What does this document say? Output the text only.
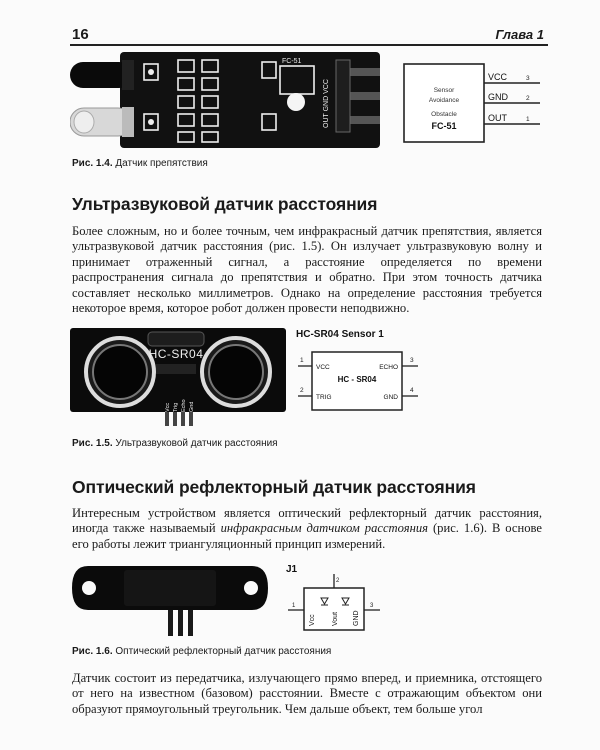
16	Глава 1
FC-51
OUT GND VCC	Sensor
Avoidance
Obstacle
FC-51
VCC
GND
OUT
3
2
1
Рис. 1.4. Датчик препятствия
Ультразвуковой датчик расстояния
Более сложным, но и более точным, чем инфракрасный датчик препятствия, является ультразвуковой датчик расстояния (рис. 1.5). Он излучает ультразвуковую волну и принимает отраженный сигнал, а расстояние определяется по времени распространения сигнала до препятствия и обратно. При этом точность датчика составляет несколько миллиметров. Однако на определение расстояния требуется некоторое время, которое робот должен провести неподвижно.
HC-SR04
Vcc Trig Echo Gnd
HC-SR04 Sensor 1
1
2
3
4
VCC
TRIG
ECHO
GND
HC - SR04
Рис. 1.5. Ультразвуковой датчик расстояния
Оптический рефлекторный датчик расстояния
Интересным устройством является оптический рефлекторный датчик расстояния, иногда также называемый инфракрасным датчиком расстояния (рис. 1.6). В основе его работы лежит триангуляционный принцип измерений.
J1
1
2
3
Vcc Vout GND
Рис. 1.6. Оптический рефлекторный датчик расстояния
Датчик состоит из передатчика, излучающего прямо вперед, и приемника, отстоящего от него на известном (базовом) расстоянии. Вместе с отражающим объектом они образуют прямоугольный треугольник. Чем дальше объект, тем больше угол
